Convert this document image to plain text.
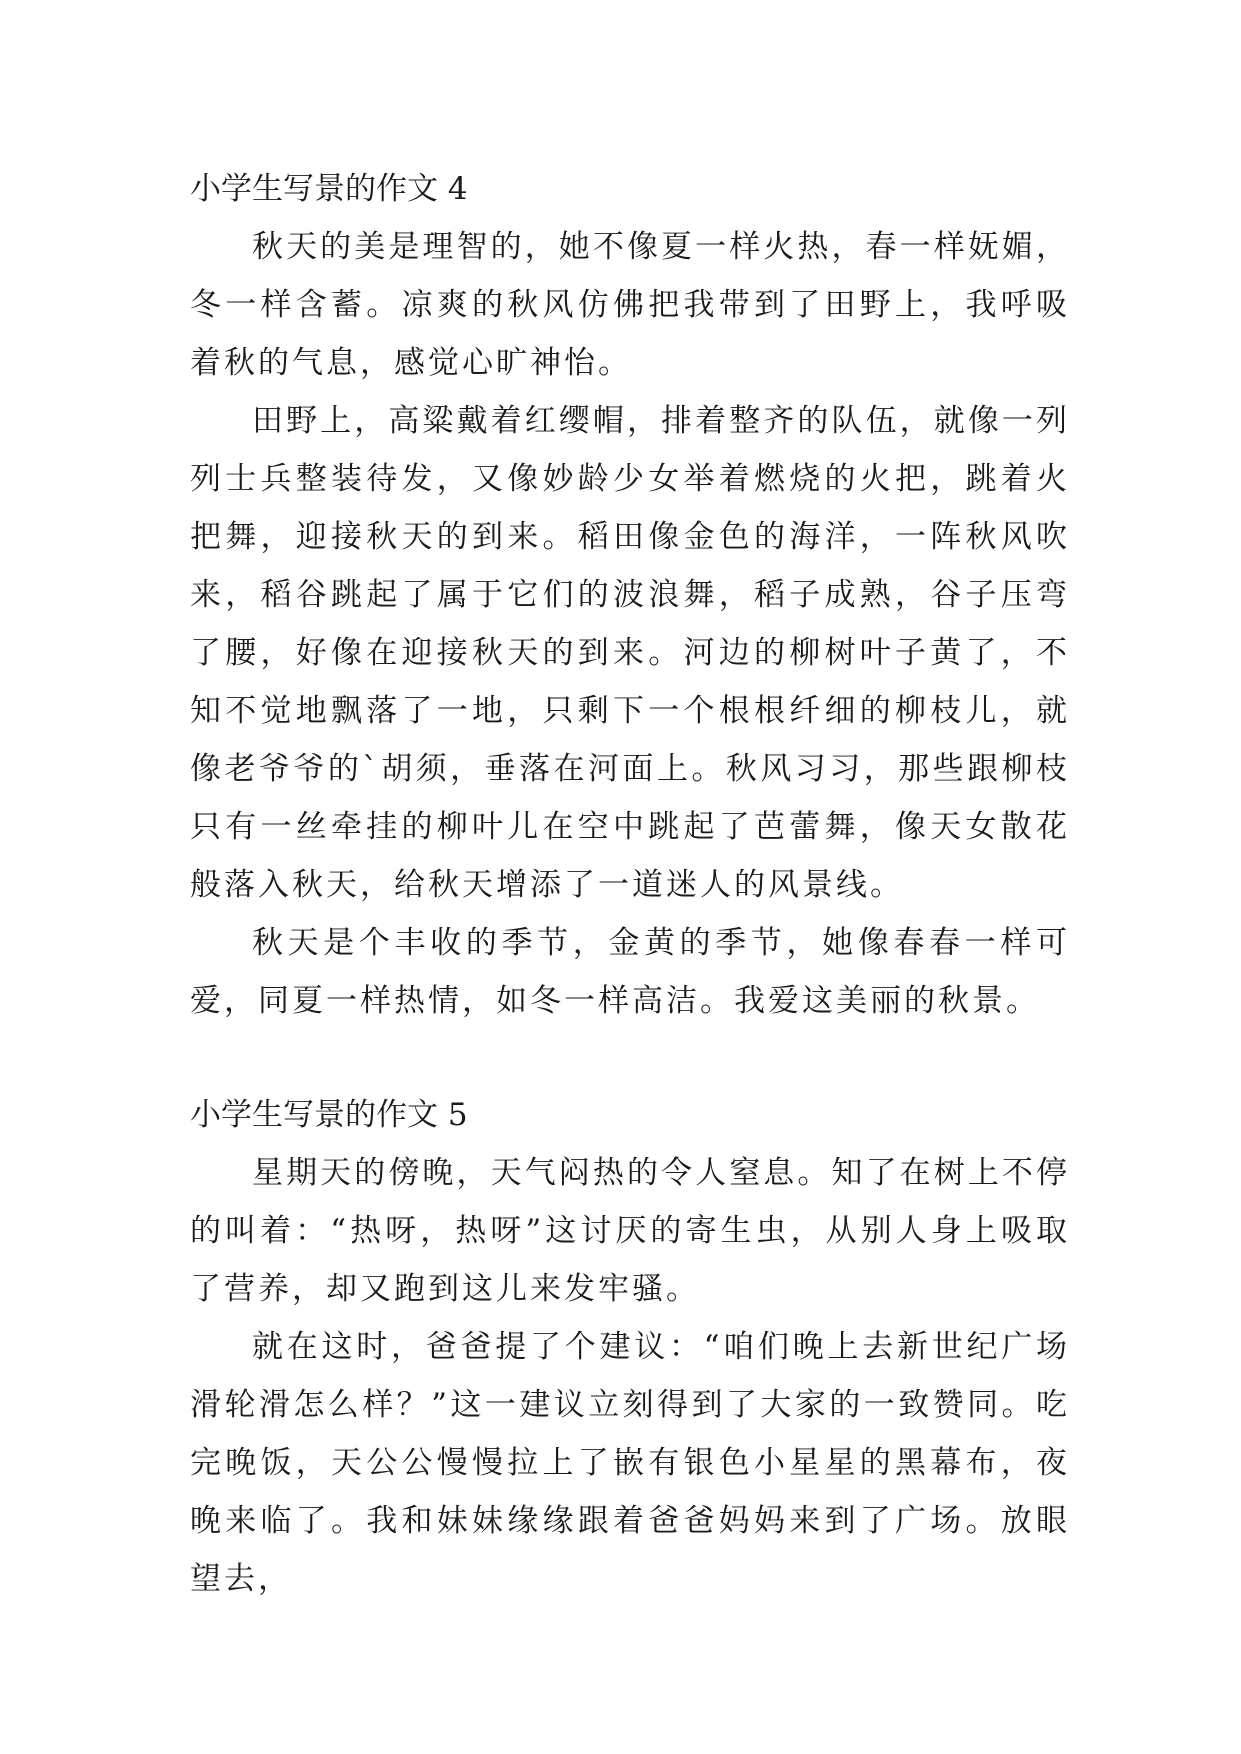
小学生写景的作文 4

秋天的美是理智的，她不像夏一样火热，春一样妩媚，冬一样含蓄。凉爽的秋风仿佛把我带到了田野上，我呼吸着秋的气息，感觉心旷神怡。

田野上，高粱戴着红缨帽，排着整齐的队伍，就像一列列士兵整装待发，又像妙龄少女举着燃烧的火把，跳着火把舞，迎接秋天的到来。稻田像金色的海洋，一阵秋风吹来，稻谷跳起了属于它们的波浪舞，稻子成熟，谷子压弯了腰，好像在迎接秋天的到来。河边的柳树叶子黄了，不知不觉地飘落了一地，只剩下一个根根纤细的柳枝儿，就像老爷爷的`胡须，垂落在河面上。秋风习习，那些跟柳枝只有一丝牵挂的柳叶儿在空中跳起了芭蕾舞，像天女散花般落入秋天，给秋天增添了一道迷人的风景线。

秋天是个丰收的季节，金黄的季节，她像春春一样可爱，同夏一样热情，如冬一样高洁。我爱这美丽的秋景。

小学生写景的作文 5

星期天的傍晚，天气闷热的令人窒息。知了在树上不停的叫着：“热呀，热呀”这讨厌的寄生虫，从别人身上吸取了营养，却又跑到这儿来发牢骚。

就在这时，爸爸提了个建议：“咱们晚上去新世纪广场滑轮滑怎么样？”这一建议立刻得到了大家的一致赞同。吃完晚饭，天公公慢慢拉上了嵌有银色小星星的黑幕布，夜晚来临了。我和妹妹缘缘跟着爸爸妈妈来到了广场。放眼望去，
